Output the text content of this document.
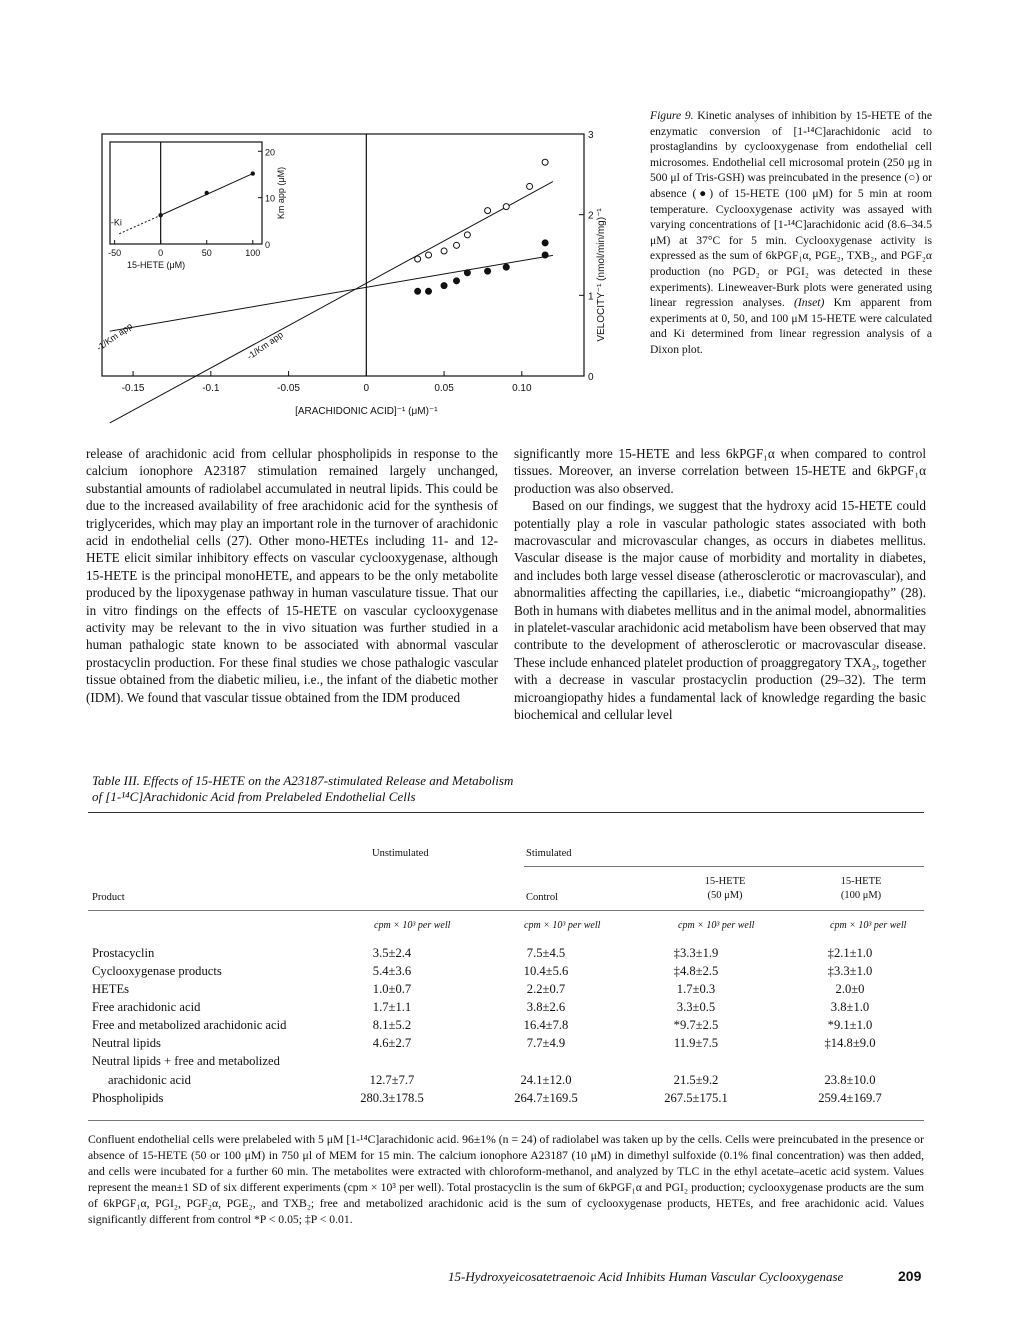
-0.15	-0.1	-0.05	0	0.05	0.10
0
1
2
3
[ARACHIDONIC ACID]⁻¹ (μM)⁻¹
VELOCITY⁻¹ (nmol/min/mg)⁻¹
-1/Km app	-1/Km app
-50	0	50	100
0
10
20
15-HETE (μM)
Km app (μM)
-Ki
Figure 9. Kinetic analyses of inhibition by 15-HETE of the enzymatic conversion of [1-¹⁴C]arachidonic acid to prostaglandins by cyclooxygenase from endothelial cell microsomes. Endothelial cell microsomal protein (250 μg in 500 μl of Tris-GSH) was preincubated in the presence (○) or absence (●) of 15-HETE (100 μM) for 5 min at room temperature. Cyclooxygenase activity was assayed with varying concentrations of [1-¹⁴C]arachidonic acid (8.6–34.5 μM) at 37°C for 5 min. Cyclooxygenase activity is expressed as the sum of 6kPGF₁α, PGE₂, TXB₂, and PGF₂α production (no PGD₂ or PGI₂ was detected in these experiments). Lineweaver-Burk plots were generated using linear regression analyses. (Inset) Km apparent from experiments at 0, 50, and 100 μM 15-HETE were calculated and Ki determined from linear regression analysis of a Dixon plot.

release of arachidonic acid from cellular phospholipids in response to the calcium ionophore A23187 stimulation remained largely unchanged, substantial amounts of radiolabel accumulated in neutral lipids. This could be due to the increased availability of free arachidonic acid for the synthesis of triglycerides, which may play an important role in the turnover of arachidonic acid in endothelial cells (27). Other mono-HETEs including 11- and 12-HETE elicit similar inhibitory effects on vascular cyclooxygenase, although 15-HETE is the principal monoHETE, and appears to be the only metabolite produced by the lipoxygenase pathway in human vasculature tissue. That our in vitro findings on the effects of 15-HETE on vascular cyclooxygenase activity may be relevant to the in vivo situation was further studied in a human pathalogic state known to be associated with abnormal vascular prostacyclin production. For these final studies we chose pathalogic vascular tissue obtained from the diabetic milieu, i.e., the infant of the diabetic mother (IDM). We found that vascular tissue obtained from the IDM produced

significantly more 15-HETE and less 6kPGF₁α when compared to control tissues. Moreover, an inverse correlation between 15-HETE and 6kPGF₁α production was also observed.

Based on our findings, we suggest that the hydroxy acid 15-HETE could potentially play a role in vascular pathologic states associated with both macrovascular and microvascular changes, as occurs in diabetes mellitus. Vascular disease is the major cause of morbidity and mortality in diabetes, and includes both large vessel disease (atherosclerotic or macrovascular), and abnormalities affecting the capillaries, i.e., diabetic “microangiopathy” (28). Both in humans with diabetes mellitus and in the animal model, abnormalities in platelet-vascular arachidonic acid metabolism have been observed that may contribute to the development of atherosclerotic or macrovascular disease. These include enhanced platelet production of proaggregatory TXA₂, together with a decrease in vascular prostacyclin production (29–32). The term microangiopathy hides a fundamental lack of knowledge regarding the basic biochemical and cellular level

Table III. Effects of 15-HETE on the A23187-stimulated Release and Metabolism
of [1-¹⁴C]Arachidonic Acid from Prelabeled Endothelial Cells
Unstimulated	Stimulated
15-HETE
(50 μM)
15-HETE
(100 μM)
Product	Control
cpm × 10³ per well	cpm × 10³ per well	cpm × 10³ per well	cpm × 10³ per well
Prostacyclin	3.5±2.4	7.5±4.5	‡3.3±1.9	‡2.1±1.0
Cyclooxygenase products	5.4±3.6	10.4±5.6	‡4.8±2.5	‡3.3±1.0
HETEs	1.0±0.7	2.2±0.7	1.7±0.3	2.0±0
Free arachidonic acid	1.7±1.1	3.8±2.6	3.3±0.5	3.8±1.0
Free and metabolized arachidonic acid	8.1±5.2	16.4±7.8	*9.7±2.5	*9.1±1.0
Neutral lipids	4.6±2.7	7.7±4.9	11.9±7.5	‡14.8±9.0
Neutral lipids + free and metabolized
arachidonic acid	12.7±7.7	24.1±12.0	21.5±9.2	23.8±10.0
Phospholipids	280.3±178.5	264.7±169.5	267.5±175.1	259.4±169.7
Confluent endothelial cells were prelabeled with 5 μM [1-¹⁴C]arachidonic acid. 96±1% (n = 24) of radiolabel was taken up by the cells. Cells were preincubated in the presence or absence of 15-HETE (50 or 100 μM) in 750 μl of MEM for 15 min. The calcium ionophore A23187 (10 μM) in dimethyl sulfoxide (0.1% final concentration) was then added, and cells were incubated for a further 60 min. The metabolites were extracted with chloroform-methanol, and analyzed by TLC in the ethyl acetate–acetic acid system. Values represent the mean±1 SD of six different experiments (cpm × 10³ per well). Total prostacyclin is the sum of 6kPGF₁α and PGI₂ production; cyclooxygenase products are the sum of 6kPGF₁α, PGI₂, PGF₂α, PGE₂, and TXB₂; free and metabolized arachidonic acid is the sum of cyclooxygenase products, HETEs, and free arachidonic acid. Values significantly different from control *P < 0.05; ‡P < 0.01.
15-Hydroxyeicosatetraenoic Acid Inhibits Human Vascular Cyclooxygenase	209
